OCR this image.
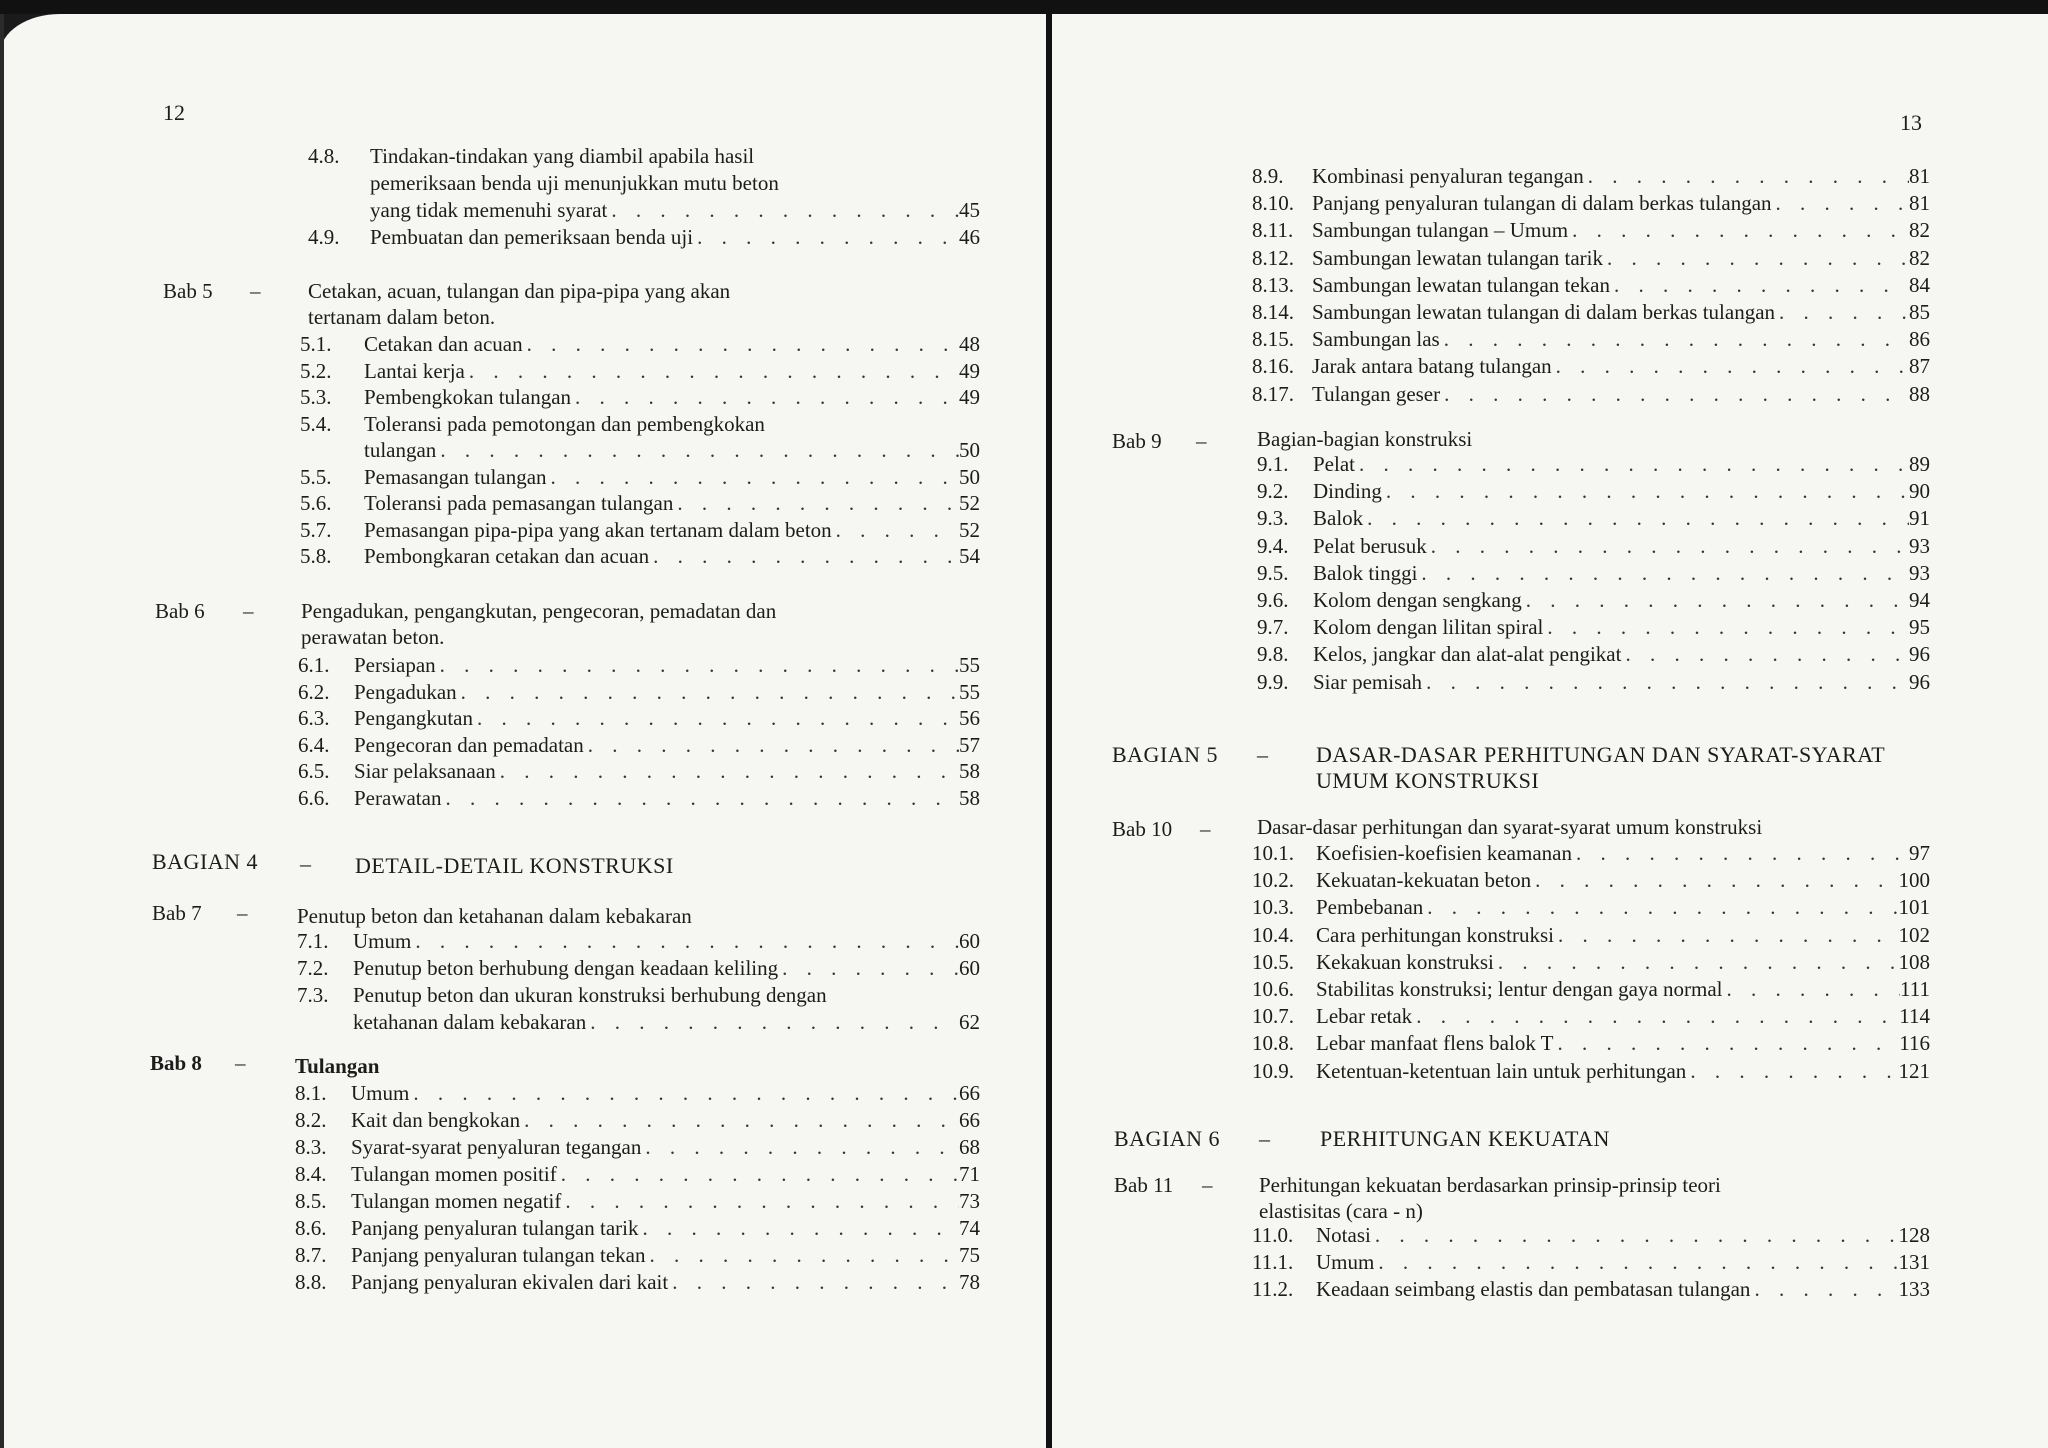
12
4.8. Tindakan-tindakan yang diambil apabila hasil
pemeriksaan benda uji menunjukkan mutu beton
yang tidak memenuhi syarat . . .	45
4.9.	Pembuatan dan pemeriksaan benda uji . . .	46
Bab 5 – Cetakan, acuan, tulangan dan pipa-pipa yang akan
tertanam dalam beton.
5.1.	Cetakan dan acuan . . .	48
5.2.	Lantai kerja . . .	49
5.3.	Pembengkokan tulangan . . .	49
5.4.	Toleransi pada pemotongan dan pembengkokan
tulangan . . .	50
5.5.	Pemasangan tulangan . . .	50
5.6.	Toleransi pada pemasangan tulangan . . .	52
5.7.	Pemasangan pipa-pipa yang akan tertanam dalam beton . . .	52
5.8.	Pembongkaran cetakan dan acuan . . .	54
Bab 6 – Pengadukan, pengangkutan, pengecoran, pemadatan dan
perawatan beton.
6.1.	Persiapan . . .	55
6.2.	Pengadukan . . .	55
6.3.	Pengangkutan . . .	56
6.4.	Pengecoran dan pemadatan . . .	57
6.5.	Siar pelaksanaan . . .	58
6.6.	Perawatan . . .	58
BAGIAN 4 – DETAIL-DETAIL KONSTRUKSI
Bab 7 – Penutup beton dan ketahanan dalam kebakaran
7.1.	Umum . . .	60
7.2.	Penutup beton berhubung dengan keadaan keliling . . .	60
7.3.	Penutup beton dan ukuran konstruksi berhubung dengan
ketahanan dalam kebakaran . . .	62
Bab 8 – Tulangan
8.1.	Umum . . .	66
8.2.	Kait dan bengkokan . . .	66
8.3.	Syarat-syarat penyaluran tegangan . . .	68
8.4.	Tulangan momen positif . . .	71
8.5.	Tulangan momen negatif . . .	73
8.6.	Panjang penyaluran tulangan tarik . . .	74
8.7.	Panjang penyaluran tulangan tekan . . .	75
8.8.	Panjang penyaluran ekivalen dari kait . . .	78
13
8.9.	Kombinasi penyaluran tegangan . . .	81
8.10. Panjang penyaluran tulangan di dalam berkas tulangan . . .	81
8.11. Sambungan tulangan – Umum . . .	82
8.12. Sambungan lewatan tulangan tarik . . .	82
8.13. Sambungan lewatan tulangan tekan . . .	84
8.14. Sambungan lewatan tulangan di dalam berkas tulangan . . .	85
8.15. Sambungan las . . .	86
8.16. Jarak antara batang tulangan . . .	87
8.17. Tulangan geser . . .	88
Bab 9 – Bagian-bagian konstruksi
9.1.	Pelat . . .	89
9.2.	Dinding . . .	90
9.3.	Balok . . .	91
9.4.	Pelat berusuk . . .	93
9.5.	Balok tinggi . . .	93
9.6.	Kolom dengan sengkang . . .	94
9.7.	Kolom dengan lilitan spiral . . .	95
9.8.	Kelos, jangkar dan alat-alat pengikat . . .	96
9.9.	Siar pemisah . . .	96
BAGIAN 5 – DASAR-DASAR PERHITUNGAN DAN SYARAT-SYARAT
UMUM KONSTRUKSI
Bab 10 – Dasar-dasar perhitungan dan syarat-syarat umum konstruksi
10.1.	Koefisien-koefisien keamanan . . .	97
10.2.	Kekuatan-kekuatan beton . . .	100
10.3.	Pembebanan . . .	101
10.4.	Cara perhitungan konstruksi . . .	102
10.5.	Kekakuan konstruksi . . .	108
10.6.	Stabilitas konstruksi; lentur dengan gaya normal . . .	111
10.7.	Lebar retak . . .	114
10.8.	Lebar manfaat flens balok T . . .	116
10.9.	Ketentuan-ketentuan lain untuk perhitungan . . .	121
BAGIAN 6 – PERHITUNGAN KEKUATAN
Bab 11 – Perhitungan kekuatan berdasarkan prinsip-prinsip teori
elastisitas (cara - n)
11.0.	Notasi . . .	128
11.1.	Umum . . .	131
11.2.	Keadaan seimbang elastis dan pembatasan tulangan . . .	133
